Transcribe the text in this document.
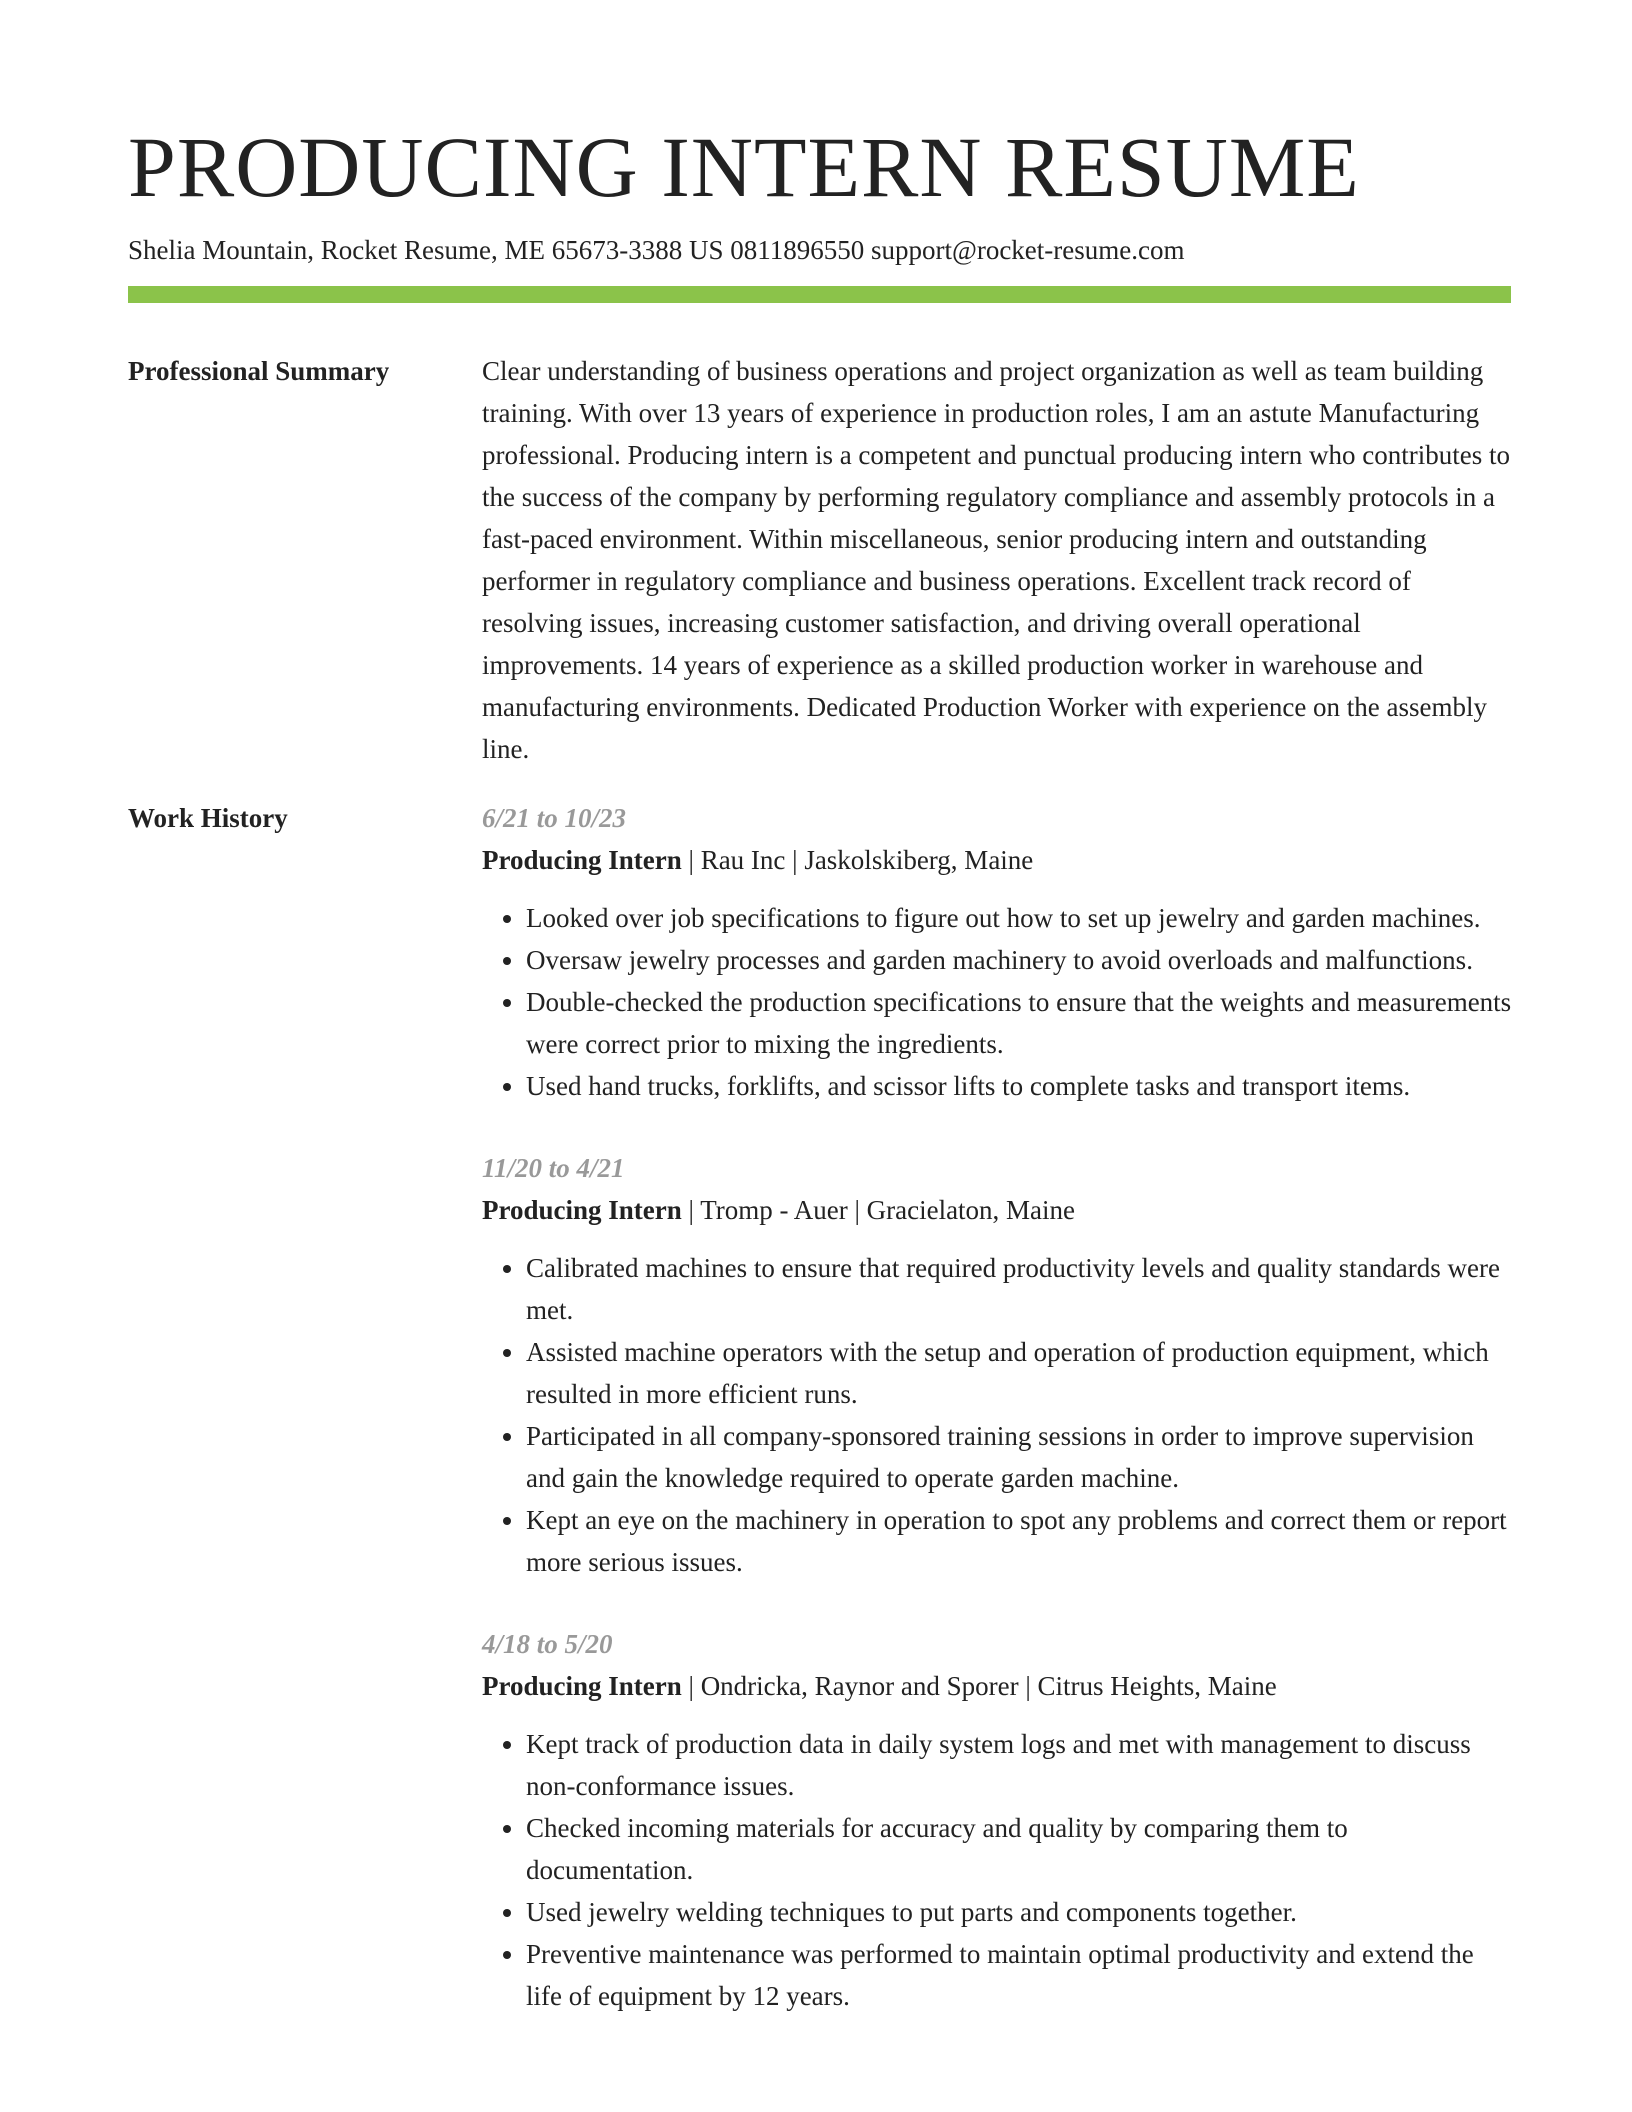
PRODUCING INTERN RESUME
Shelia Mountain, Rocket Resume, ME 65673-3388 US 0811896550 support@rocket-resume.com
Professional Summary	Clear understanding of business operations and project organization as well as team building training. With over 13 years of experience in production roles, I am an astute Manufacturing professional. Producing intern is a competent and punctual producing intern who contributes to the success of the company by performing regulatory compliance and assembly protocols in a fast-paced environment. Within miscellaneous, senior producing intern and outstanding performer in regulatory compliance and business operations. Excellent track record of resolving issues, increasing customer satisfaction, and driving overall operational improvements. 14 years of experience as a skilled production worker in warehouse and manufacturing environments. Dedicated Production Worker with experience on the assembly line.

Work History	6/21 to 10/23
Producing Intern | Rau Inc | Jaskolskiberg, Maine
• Looked over job specifications to figure out how to set up jewelry and garden machines.
• Oversaw jewelry processes and garden machinery to avoid overloads and malfunctions.
• Double-checked the production specifications to ensure that the weights and measurements were correct prior to mixing the ingredients.
• Used hand trucks, forklifts, and scissor lifts to complete tasks and transport items.
11/20 to 4/21
Producing Intern | Tromp - Auer | Gracielaton, Maine
• Calibrated machines to ensure that required productivity levels and quality standards were met.
• Assisted machine operators with the setup and operation of production equipment, which resulted in more efficient runs.
• Participated in all company-sponsored training sessions in order to improve supervision and gain the knowledge required to operate garden machine.
• Kept an eye on the machinery in operation to spot any problems and correct them or report more serious issues.
4/18 to 5/20
Producing Intern | Ondricka, Raynor and Sporer | Citrus Heights, Maine
• Kept track of production data in daily system logs and met with management to discuss non-conformance issues.
• Checked incoming materials for accuracy and quality by comparing them to documentation.
• Used jewelry welding techniques to put parts and components together.
• Preventive maintenance was performed to maintain optimal productivity and extend the life of equipment by 12 years.
